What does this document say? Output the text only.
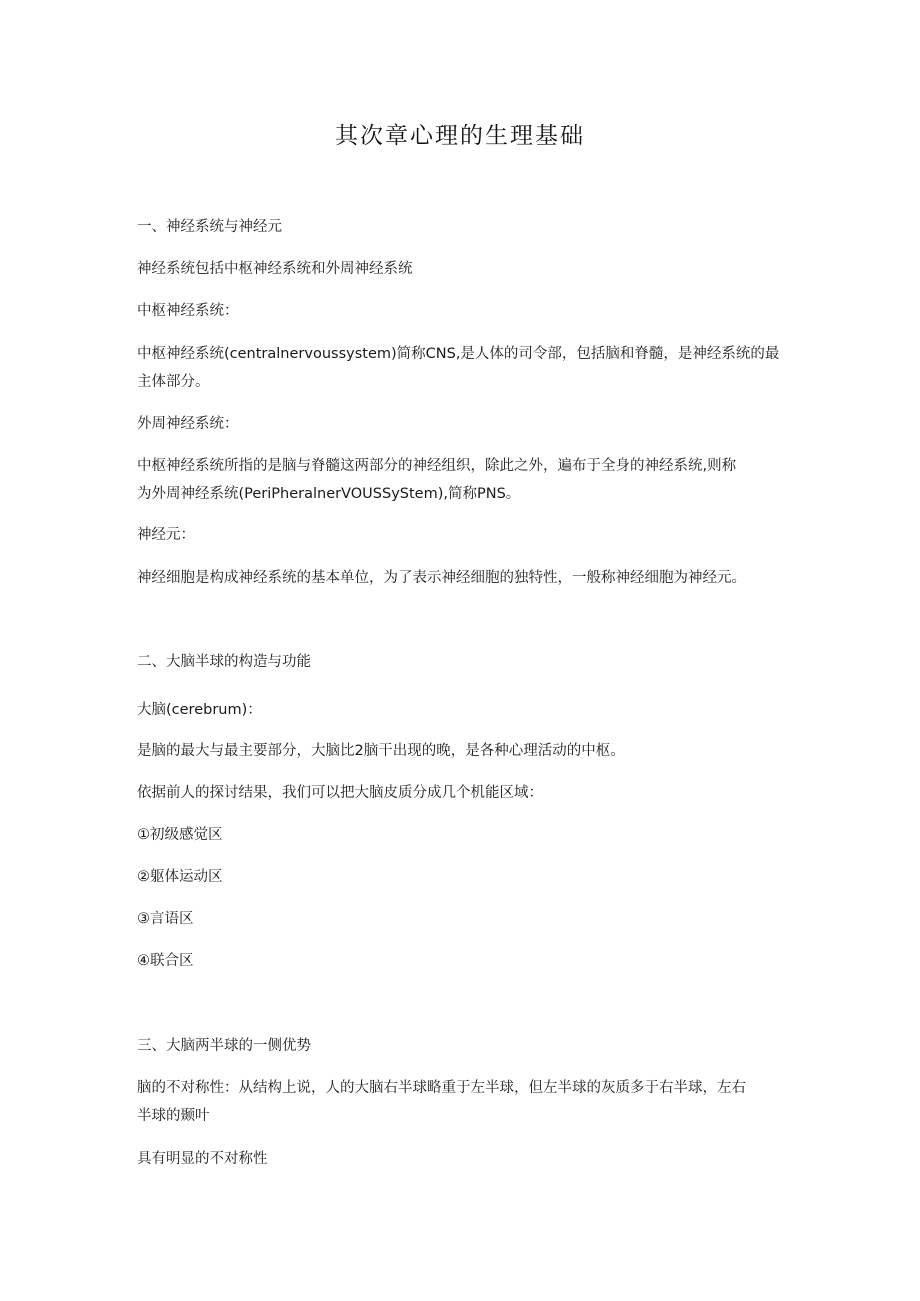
其次章心理的生理基础
一、神经系统与神经元
神经系统包括中枢神经系统和外周神经系统
中枢神经系统：
中枢神经系统(centralnervoussystem)简称CNS,是人体的司令部，包括脑和脊髓，是神经系统的最
主体部分。
外周神经系统：
中枢神经系统所指的是脑与脊髓这两部分的神经组织，除此之外，遍布于全身的神经系统,则称
为外周神经系统(PeriPheralnerVOUSSyStem),简称PNS。
神经元：
神经细胞是构成神经系统的基本单位，为了表示神经细胞的独特性，一般称神经细胞为神经元。
二、大脑半球的构造与功能
大脑(cerebrum)：
是脑的最大与最主要部分，大脑比2脑干出现的晚，是各种心理活动的中枢。
依据前人的探讨结果，我们可以把大脑皮质分成几个机能区域：
①初级感觉区
②躯体运动区
③言语区
④联合区
三、大脑两半球的一侧优势
脑的不对称性：从结构上说，人的大脑右半球略重于左半球，但左半球的灰质多于右半球，左右
半球的颞叶
具有明显的不对称性
